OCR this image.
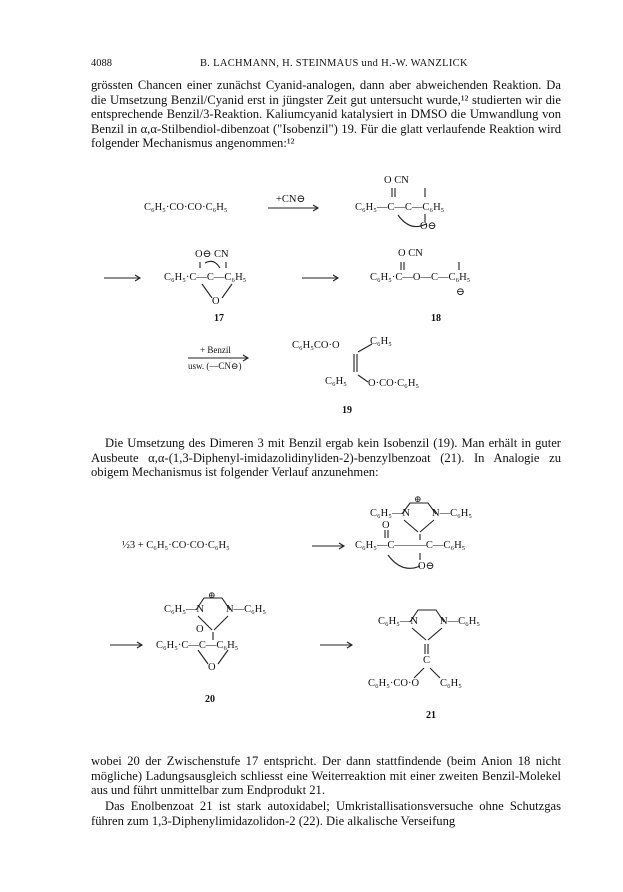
4088	B. LACHMANN, H. STEINMAUS und H.-W. WANZLICK

grössten Chancen einer zunächst Cyanid-analogen, dann aber abweichenden Reaktion. Da die Umsetzung Benzil/Cyanid erst in jüngster Zeit gut untersucht wurde,¹² studierten wir die entsprechende Benzil/3-Reaktion. Kaliumcyanid katalysiert in DMSO die Umwandlung von Benzil in α,α-Stilbendiol-dibenzoat ("Isobenzil") 19. Für die glatt verlaufende Reaktion wird folgender Mechanismus angenommen:¹²

C₆H₅·CO·CO·C₆H₅
+CN⊖
O CN
C₆H₅—C—C—C₆H₅
O⊖
O⊖ CN
C₆H₅·C—C—C₆H₅
O
17
O CN
C₆H₅·C—O—C—C₆H₅
⊖
18
+ Benzil
usw. (—CN⊖)
C₆H₅CO·O	C₆H₅
C₆H₅ O·CO·C₆H₅
19

Die Umsetzung des Dimeren 3 mit Benzil ergab kein Isobenzil (19). Man erhält in guter Ausbeute α,α-(1,3-Diphenyl-imidazolidinyliden-2)-benzylbenzoat (21). In Analogie zu obigem Mechanismus ist folgender Verlauf anzunehmen:

½3 + C₆H₅·CO·CO·C₆H₅
C₆H₅—N
⊕
N—C₆H₅
O
C₆H₅—C———C—C₆H₅
O⊖
C₆H₅—N
⊕
N—C₆H₅
O
C₆H₅·C—C—C₆H₅
O
20
C₆H₅—N N—C₆H₅
C
C₆H₅·CO·O C₆H₅
21

wobei 20 der Zwischenstufe 17 entspricht. Der dann stattfindende (beim Anion 18 nicht mögliche) Ladungsausgleich schliesst eine Weiterreaktion mit einer zweiten Benzil-Molekel aus und führt unmittelbar zum Endprodukt 21.

Das Enolbenzoat 21 ist stark autoxidabel; Umkristallisationsversuche ohne Schutzgas führen zum 1,3-Diphenylimidazolidon-2 (22). Die alkalische Verseifung
